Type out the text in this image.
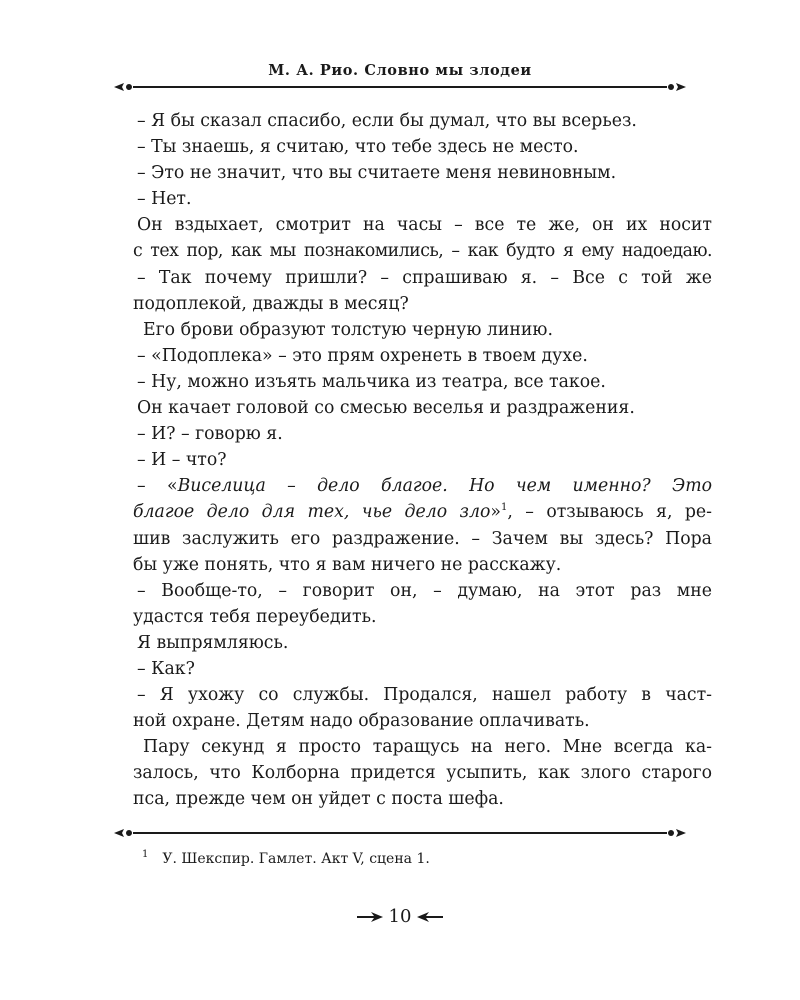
М. А. Рио. Словно мы злодеи
– Я бы сказал спасибо, если бы думал, что вы всерьез.
– Ты знаешь, я считаю, что тебе здесь не место.
– Это не значит, что вы считаете меня невиновным.
– Нет.
Он вздыхает, смотрит на часы – все те же, он их носит
с тех пор, как мы познакомились, – как будто я ему надоедаю.
– Так почему пришли? – спрашиваю я. – Все с той же
подоплекой, дважды в месяц?
Его брови образуют толстую черную линию.
– «Подоплека» – это прям охренеть в твоем духе.
– Ну, можно изъять мальчика из театра, все такое.
Он качает головой со смесью веселья и раздражения.
– И? – говорю я.
– И – что?
– «Виселица – дело благое. Но чем именно? Это
благое дело для тех, чье дело зло»$^1$, – отзываюсь я, ре-
шив заслужить его раздражение. – Зачем вы здесь? Пора
бы уже понять, что я вам ничего не расскажу.
– Вообще-то, – говорит он, – думаю, на этот раз мне
удастся тебя переубедить.
Я выпрямляюсь.
– Как?
– Я ухожу со службы. Продался, нашел работу в част-
ной охране. Детям надо образование оплачивать.
Пару секунд я просто таращусь на него. Мне всегда ка-
залось, что Колборна придется усыпить, как злого старого
пса, прежде чем он уйдет с поста шефа.
$^1$ У. Шекспир. Гамлет. Акт V, сцена 1.
10
